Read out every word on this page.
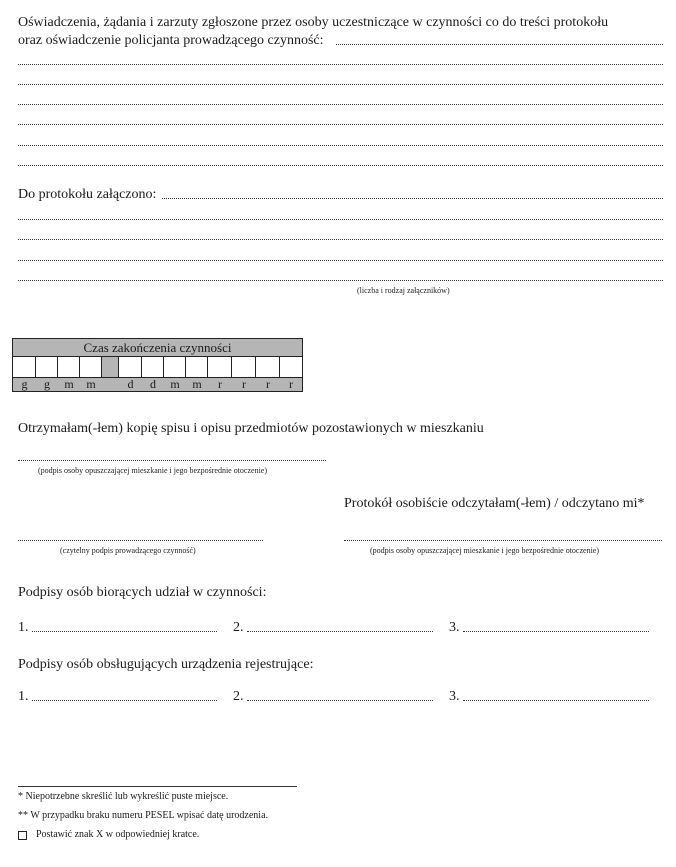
Oświadczenia, żądania i zarzuty zgłoszone przez osoby uczestniczące w czynności co do treści protokołu
oraz oświadczenie policjanta prowadzącego czynność:
Do protokołu załączono:
(liczba i rodzaj załączników)
Czas zakończenia czynności
g	g	m	m	d	d	m	m	r	r	r	r
Otrzymałam(-łem) kopię spisu i opisu przedmiotów pozostawionych w mieszkaniu
(podpis osoby opuszczającej mieszkanie i jego bezpośrednie otoczenie)
Protokół osobiście odczytałam(-łem) / odczytano mi*
(czytelny podpis prowadzącego czynność)	(podpis osoby opuszczającej mieszkanie i jego bezpośrednie otoczenie)
Podpisy osób biorących udział w czynności:
1.	2.	3.
Podpisy osób obsługujących urządzenia rejestrujące:
1.	2.	3.
* Niepotrzebne skreślić lub wykreślić puste miejsce.
** W przypadku braku numeru PESEL wpisać datę urodzenia.
Postawić znak X w odpowiedniej kratce.
